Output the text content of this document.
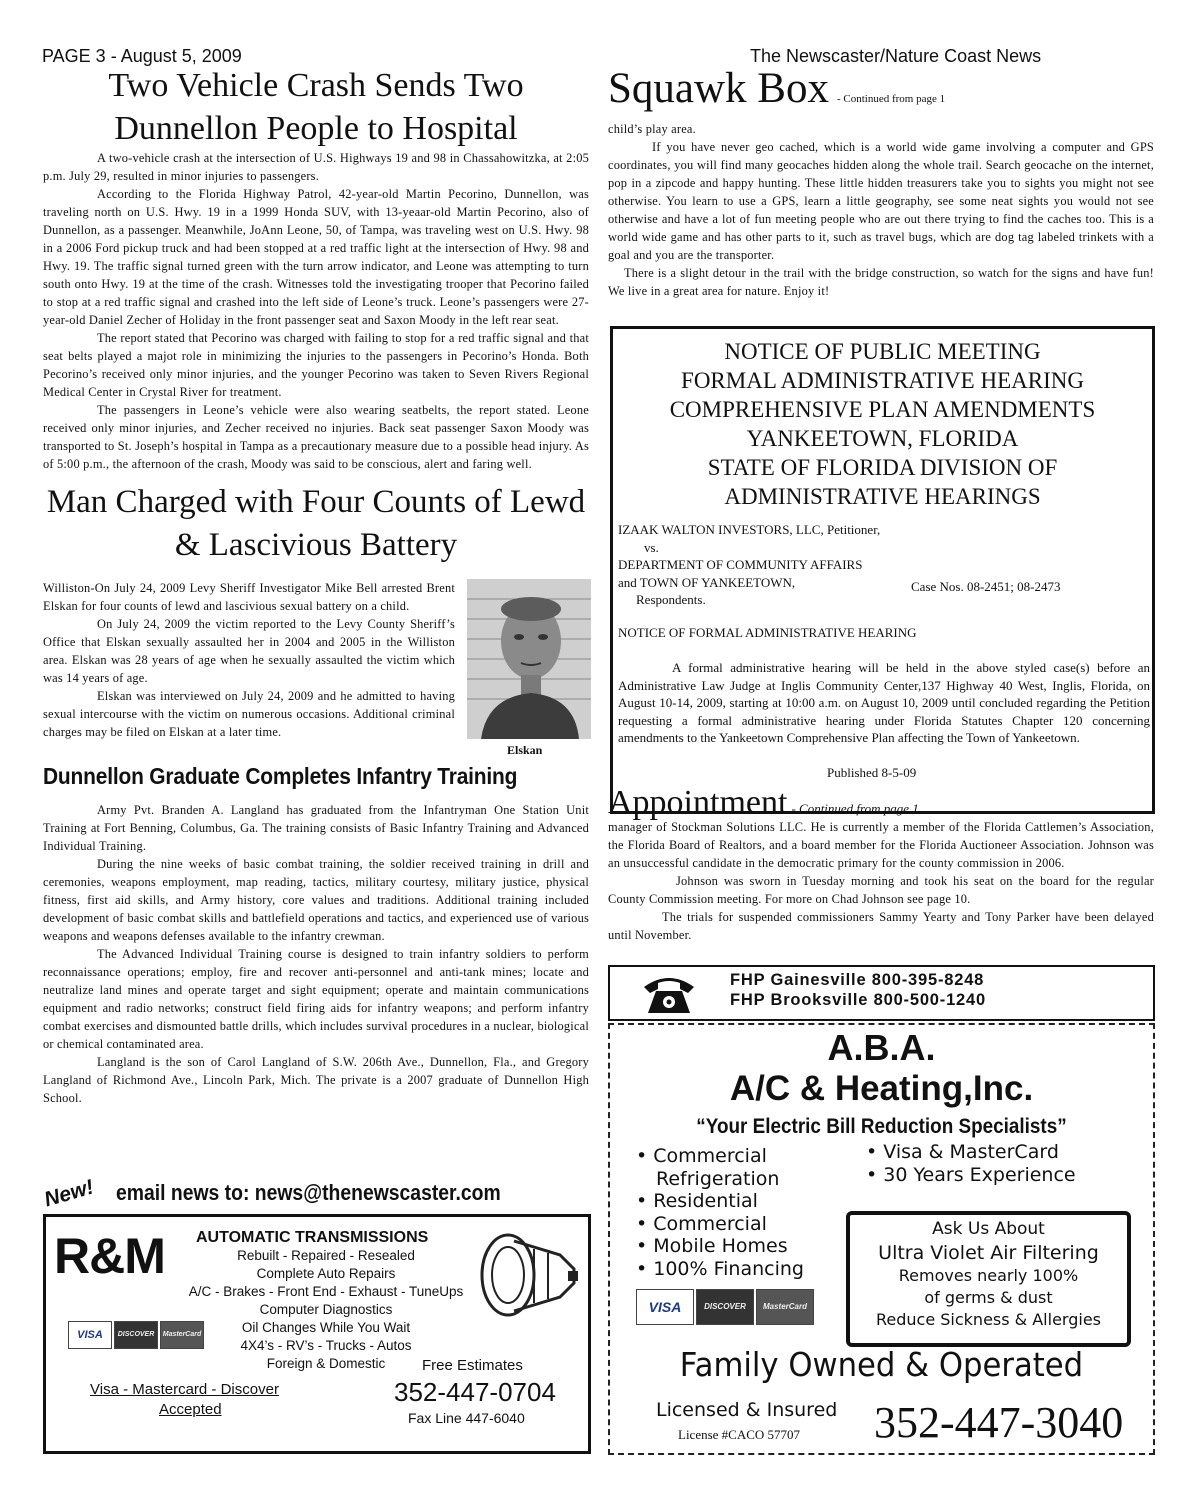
PAGE 3 - August 5, 2009	The Newscaster/Nature Coast News
Two Vehicle Crash Sends Two Dunnellon People to Hospital

A two-vehicle crash at the intersection of U.S. Highways 19 and 98 in Chassahowitzka, at 2:05 p.m. July 29, resulted in minor injuries to passengers.

According to the Florida Highway Patrol, 42-year-old Martin Pecorino, Dunnellon, was traveling north on U.S. Hwy. 19 in a 1999 Honda SUV, with 13-yeaar-old Martin Pecorino, also of Dunnellon, as a passenger. Meanwhile, JoAnn Leone, 50, of Tampa, was traveling west on U.S. Hwy. 98 in a 2006 Ford pickup truck and had been stopped at a red traffic light at the intersection of Hwy. 98 and Hwy. 19. The traffic signal turned green with the turn arrow indicator, and Leone was attempting to turn south onto Hwy. 19 at the time of the crash. Witnesses told the investigating trooper that Pecorino failed to stop at a red traffic signal and crashed into the left side of Leone’s truck. Leone’s passengers were 27-year-old Daniel Zecher of Holiday in the front passenger seat and Saxon Moody in the left rear seat.

The report stated that Pecorino was charged with failing to stop for a red traffic signal and that seat belts played a majot role in minimizing the injuries to the passengers in Pecorino’s Honda. Both Pecorino’s received only minor injuries, and the younger Pecorino was taken to Seven Rivers Regional Medical Center in Crystal River for treatment.

The passengers in Leone’s vehicle were also wearing seatbelts, the report stated. Leone received only minor injuries, and Zecher received no injuries. Back seat passenger Saxon Moody was transported to St. Joseph’s hospital in Tampa as a precautionary measure due to a possible head injury. As of 5:00 p.m., the afternoon of the crash, Moody was said to be conscious, alert and faring well.

Man Charged with Four Counts of Lewd & Lascivious Battery

Williston-On July 24, 2009 Levy Sheriff Investigator Mike Bell arrested Brent Elskan for four counts of lewd and lascivious sexual battery on a child.

On July 24, 2009 the victim reported to the Levy County Sheriff’s Office that Elskan sexually assaulted her in 2004 and 2005 in the Williston area. Elskan was 28 years of age when he sexually assaulted the victim which was 14 years of age.

Elskan was interviewed on July 24, 2009 and he admitted to having sexual intercourse with the victim on numerous occasions. Additional criminal charges may be filed on Elskan at a later time.

Elskan
Dunnellon Graduate Completes Infantry Training

Army Pvt. Branden A. Langland has graduated from the Infantryman One Station Unit Training at Fort Benning, Columbus, Ga. The training consists of Basic Infantry Training and Advanced Individual Training.

During the nine weeks of basic combat training, the soldier received training in drill and ceremonies, weapons employment, map reading, tactics, military courtesy, military justice, physical fitness, first aid skills, and Army history, core values and traditions. Additional training included development of basic combat skills and battlefield operations and tactics, and experienced use of various weapons and weapons defenses available to the infantry crewman.

The Advanced Individual Training course is designed to train infantry soldiers to perform reconnaissance operations; employ, fire and recover anti-personnel and anti-tank mines; locate and neutralize land mines and operate target and sight equipment; operate and maintain communications equipment and radio networks; construct field firing aids for infantry weapons; and perform infantry combat exercises and dismounted battle drills, which includes survival procedures in a nuclear, biological or chemical contaminated area.

Langland is the son of Carol Langland of S.W. 206th Ave., Dunnellon, Fla., and Gregory Langland of Richmond Ave., Lincoln Park, Mich. The private is a 2007 graduate of Dunnellon High School.

New! email news to: news@thenewscaster.com
R&M AUTOMATIC TRANSMISSIONS
Rebuilt - Repaired - Resealed
Complete Auto Repairs
A/C - Brakes - Front End - Exhaust - TuneUps
Computer Diagnostics
Oil Changes While You Wait
4X4’s - RV’s - Trucks - Autos
Foreign & Domestic
VISA DISCOVER MasterCard
Free Estimates
Visa - Mastercard - Discover
Accepted
352-447-0704
Fax Line 447-6040
Squawk Box - Continued from page 1

child’s play area.

If you have never geo cached, which is a world wide game involving a computer and GPS coordinates, you will find many geocaches hidden along the whole trail. Search geocache on the internet, pop in a zipcode and happy hunting. These little hidden treasurers take you to sights you might not see otherwise. You learn to use a GPS, learn a little geography, see some neat sights you would not see otherwise and have a lot of fun meeting people who are out there trying to find the caches too. This is a world wide game and has other parts to it, such as travel bugs, which are dog tag labeled trinkets with a goal and you are the transporter.

There is a slight detour in the trail with the bridge construction, so watch for the signs and have fun! We live in a great area for nature. Enjoy it!

NOTICE OF PUBLIC MEETING
FORMAL ADMINISTRATIVE HEARING
COMPREHENSIVE PLAN AMENDMENTS
YANKEETOWN, FLORIDA
STATE OF FLORIDA DIVISION OF
ADMINISTRATIVE HEARINGS
IZAAK WALTON INVESTORS, LLC, Petitioner,
vs.
DEPARTMENT OF COMMUNITY AFFAIRS
and TOWN OF YANKEETOWN,
Respondents.
Case Nos. 08-2451; 08-2473
NOTICE OF FORMAL ADMINISTRATIVE HEARING
A formal administrative hearing will be held in the above styled case(s) before an Administrative Law Judge at Inglis Community Center,137 Highway 40 West, Inglis, Florida, on August 10-14, 2009, starting at 10:00 a.m. on August 10, 2009 until concluded regarding the Petition requesting a formal administrative hearing under Florida Statutes Chapter 120 concerning amendments to the Yankeetown Comprehensive Plan affecting the Town of Yankeetown.
Published 8-5-09
Appointment - Continued from page 1

manager of Stockman Solutions LLC. He is currently a member of the Florida Cattlemen’s Association, the Florida Board of Realtors, and a board member for the Florida Auctioneer Association. Johnson was an unsuccessful candidate in the democratic primary for the county commission in 2006.

Johnson was sworn in Tuesday morning and took his seat on the board for the regular County Commission meeting. For more on Chad Johnson see page 10.

The trials for suspended commissioners Sammy Yearty and Tony Parker have been delayed until November.

FHP Gainesville 800-395-8248
FHP Brooksville 800-500-1240
A.B.A.
A/C & Heating,Inc.
“Your Electric Bill Reduction Specialists”
• Commercial
Refrigeration
• Residential
• Commercial
• Mobile Homes
• 100% Financing
• Visa & MasterCard
• 30 Years Experience
VISA	DISCOVER MasterCard
Ask Us About
Ultra Violet Air Filtering
Removes nearly 100%
of germs & dust
Reduce Sickness & Allergies
Family Owned & Operated
Licensed & Insured
License #CACO 57707 352-447-3040
